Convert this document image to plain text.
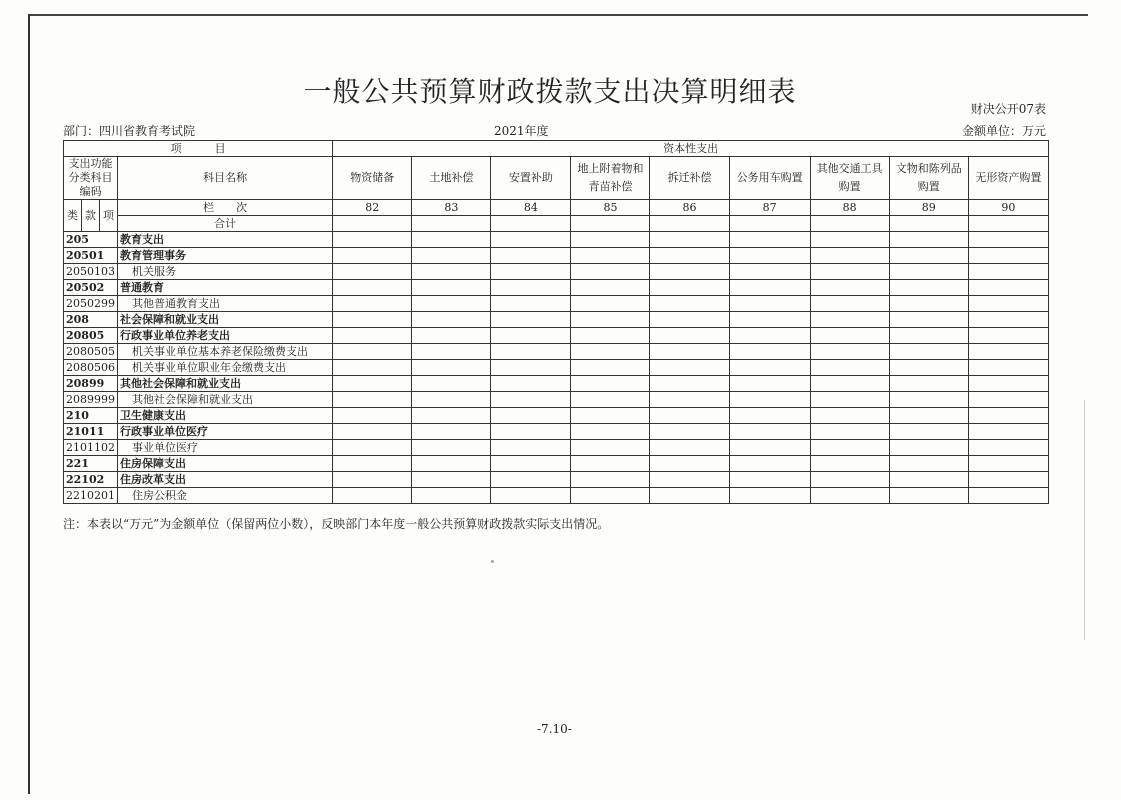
一般公共预算财政拨款支出决算明细表
财决公开07表
部门：四川省教育考试院	2021年度	金额单位：万元
项　　　目				资本性支出								
支出功能分类科目编码			科目名称	物资储备	土地补偿	安置补助	地上附着物和青苗补偿	拆迁补偿	公务用车购置	其他交通工具购置	文物和陈列品购置	无形资产购置
类	款	项	栏　　次	82	83	84	85	86	87	88	89	90
			合计									
205			教育支出									
20501			教育管理事务									
2050103			机关服务									
20502			普通教育									
2050299			其他普通教育支出									
208			社会保障和就业支出									
20805			行政事业单位养老支出									
2080505			机关事业单位基本养老保险缴费支出									
2080506			机关事业单位职业年金缴费支出									
20899			其他社会保障和就业支出									
2089999			其他社会保障和就业支出									
210			卫生健康支出									
21011			行政事业单位医疗									
2101102			事业单位医疗									
221			住房保障支出									
22102			住房改革支出									
2210201			住房公积金									
注：本表以“万元”为金额单位（保留两位小数），反映部门本年度一般公共预算财政拨款实际支出情况。
-7.10-
